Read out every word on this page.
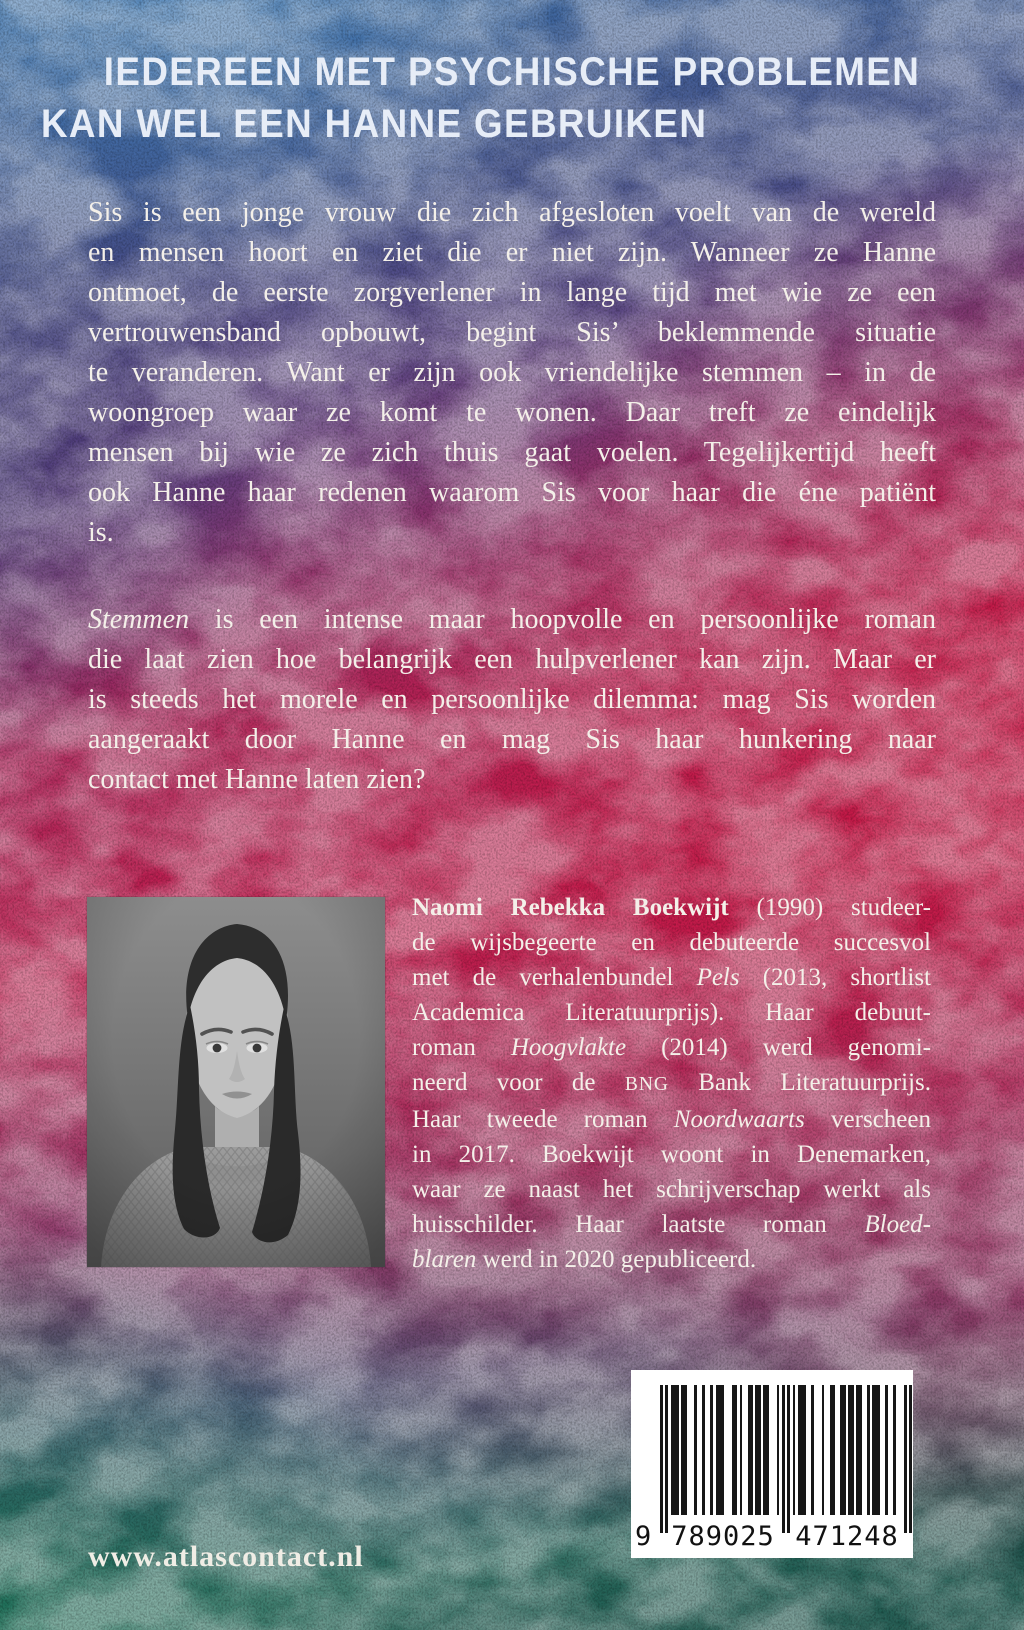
IEDEREEN MET PSYCHISCHE PROBLEMEN
KAN WEL EEN HANNE GEBRUIKEN
Sis is een jonge vrouw die zich afgesloten voelt van de wereld
en mensen hoort en ziet die er niet zijn. Wanneer ze Hanne
ontmoet, de eerste zorgverlener in lange tijd met wie ze een
vertrouwensband opbouwt, begint Sis’ beklemmende situatie
te veranderen. Want er zijn ook vriendelijke stemmen – in de
woongroep waar ze komt te wonen. Daar treft ze eindelijk
mensen bij wie ze zich thuis gaat voelen. Tegelijkertijd heeft
ook Hanne haar redenen waarom Sis voor haar die éne patiënt
is.
Stemmen is een intense maar hoopvolle en persoonlijke roman
die laat zien hoe belangrijk een hulpverlener kan zijn. Maar er
is steeds het morele en persoonlijke dilemma: mag Sis worden
aangeraakt door Hanne en mag Sis haar hunkering naar
contact met Hanne laten zien?
Naomi Rebekka Boekwijt (1990) studeer-
de wijsbegeerte en debuteerde succesvol
met de verhalenbundel Pels (2013, shortlist
Academica Literatuurprijs). Haar debuut-
roman Hoogvlakte (2014) werd genomi-
neerd voor de BNG Bank Literatuurprijs.
Haar tweede roman Noordwaarts verscheen
in 2017. Boekwijt woont in Denemarken,
waar ze naast het schrijverschap werkt als
huisschilder. Haar laatste roman Bloed-
blaren werd in 2020 gepubliceerd.
www.atlascontact.nl
9 789025 471248
